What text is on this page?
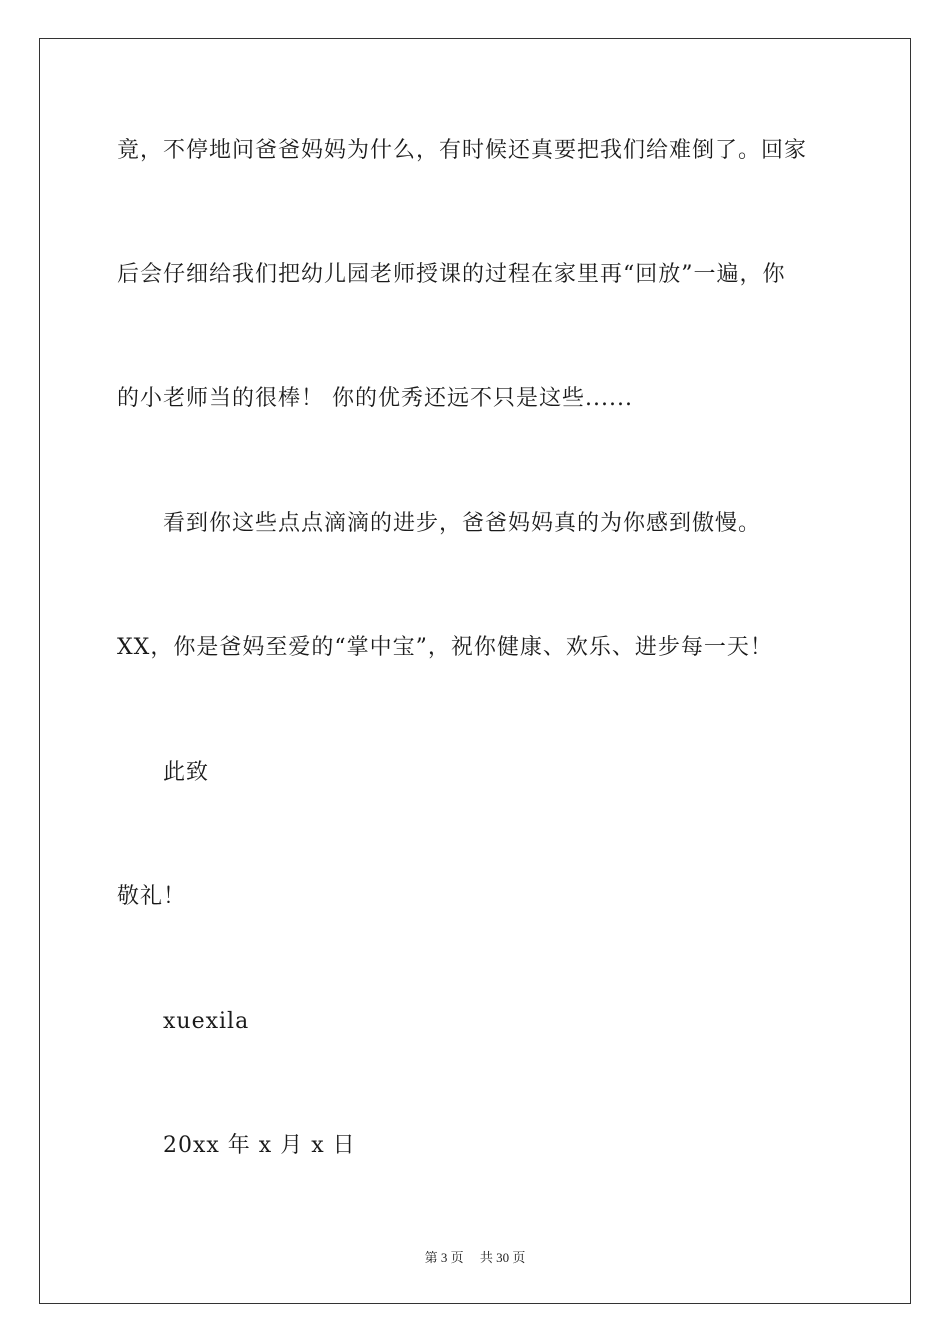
竟，不停地问爸爸妈妈为什么，有时候还真要把我们给难倒了。回家
后会仔细给我们把幼儿园老师授课的过程在家里再“回放”一遍，你
的小老师当的很棒！ 你的优秀还远不只是这些......
看到你这些点点滴滴的进步，爸爸妈妈真的为你感到傲慢。
XX，你是爸妈至爱的“掌中宝”，祝你健康、欢乐、进步每一天！
此致
敬礼！
xuexila
20xx 年 x 月 x 日
第 3 页　 共 30 页
